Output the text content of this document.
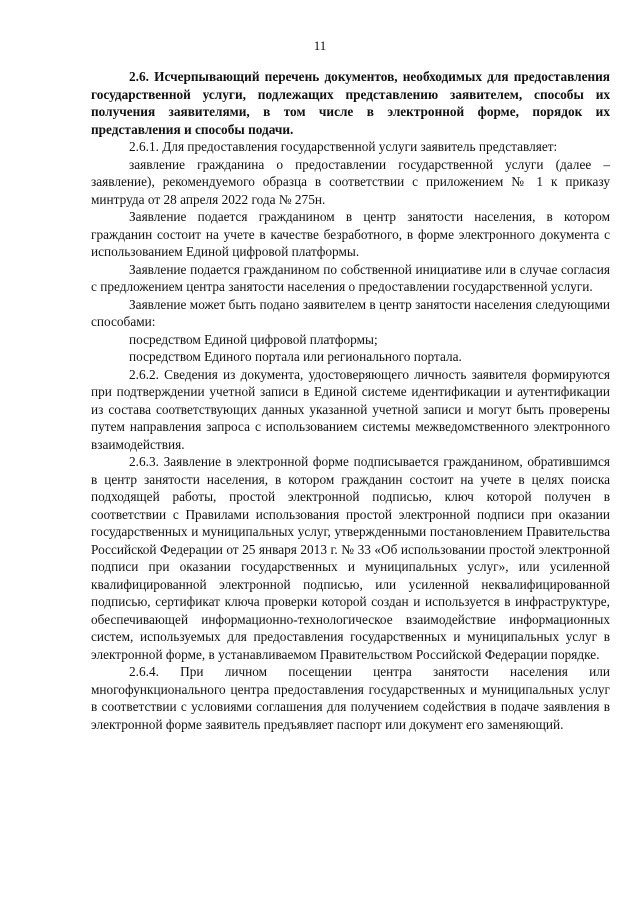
11

2.6. Исчерпывающий перечень документов, необходимых для предоставления государственной услуги, подлежащих представлению заявителем, способы их получения заявителями, в том числе в электронной форме, порядок их представления и способы подачи.

2.6.1. Для предоставления государственной услуги заявитель представляет:

заявление гражданина о предоставлении государственной услуги (далее – заявление), рекомендуемого образца в соответствии с приложением № 1 к приказу минтруда от 28 апреля 2022 года № 275н.

Заявление подается гражданином в центр занятости населения, в котором гражданин состоит на учете в качестве безработного, в форме электронного документа с использованием Единой цифровой платформы.

Заявление подается гражданином по собственной инициативе или в случае согласия с предложением центра занятости населения о предоставлении государственной услуги.

Заявление может быть подано заявителем в центр занятости населения следующими способами:

посредством Единой цифровой платформы;

посредством Единого портала или регионального портала.

2.6.2. Сведения из документа, удостоверяющего личность заявителя формируются при подтверждении учетной записи в Единой системе идентификации и аутентификации из состава соответствующих данных указанной учетной записи и могут быть проверены путем направления запроса с использованием системы межведомственного электронного взаимодействия.

2.6.3. Заявление в электронной форме подписывается гражданином, обратившимся в центр занятости населения, в котором гражданин состоит на учете в целях поиска подходящей работы, простой электронной подписью, ключ которой получен в соответствии с Правилами использования простой электронной подписи при оказании государственных и муниципальных услуг, утвержденными постановлением Правительства Российской Федерации от 25 января 2013 г. № 33 «Об использовании простой электронной подписи при оказании государственных и муниципальных услуг», или усиленной квалифицированной электронной подписью, или усиленной неквалифицированной подписью, сертификат ключа проверки которой создан и используется в инфраструктуре, обеспечивающей информационно-технологическое взаимодействие информационных систем, используемых для предоставления государственных и муниципальных услуг в электронной форме, в устанавливаемом Правительством Российской Федерации порядке.

2.6.4. При личном посещении центра занятости населения или многофункционального центра предоставления государственных и муниципальных услуг в соответствии с условиями соглашения для получением содействия в подаче заявления в электронной форме заявитель предъявляет паспорт или документ его заменяющий.
